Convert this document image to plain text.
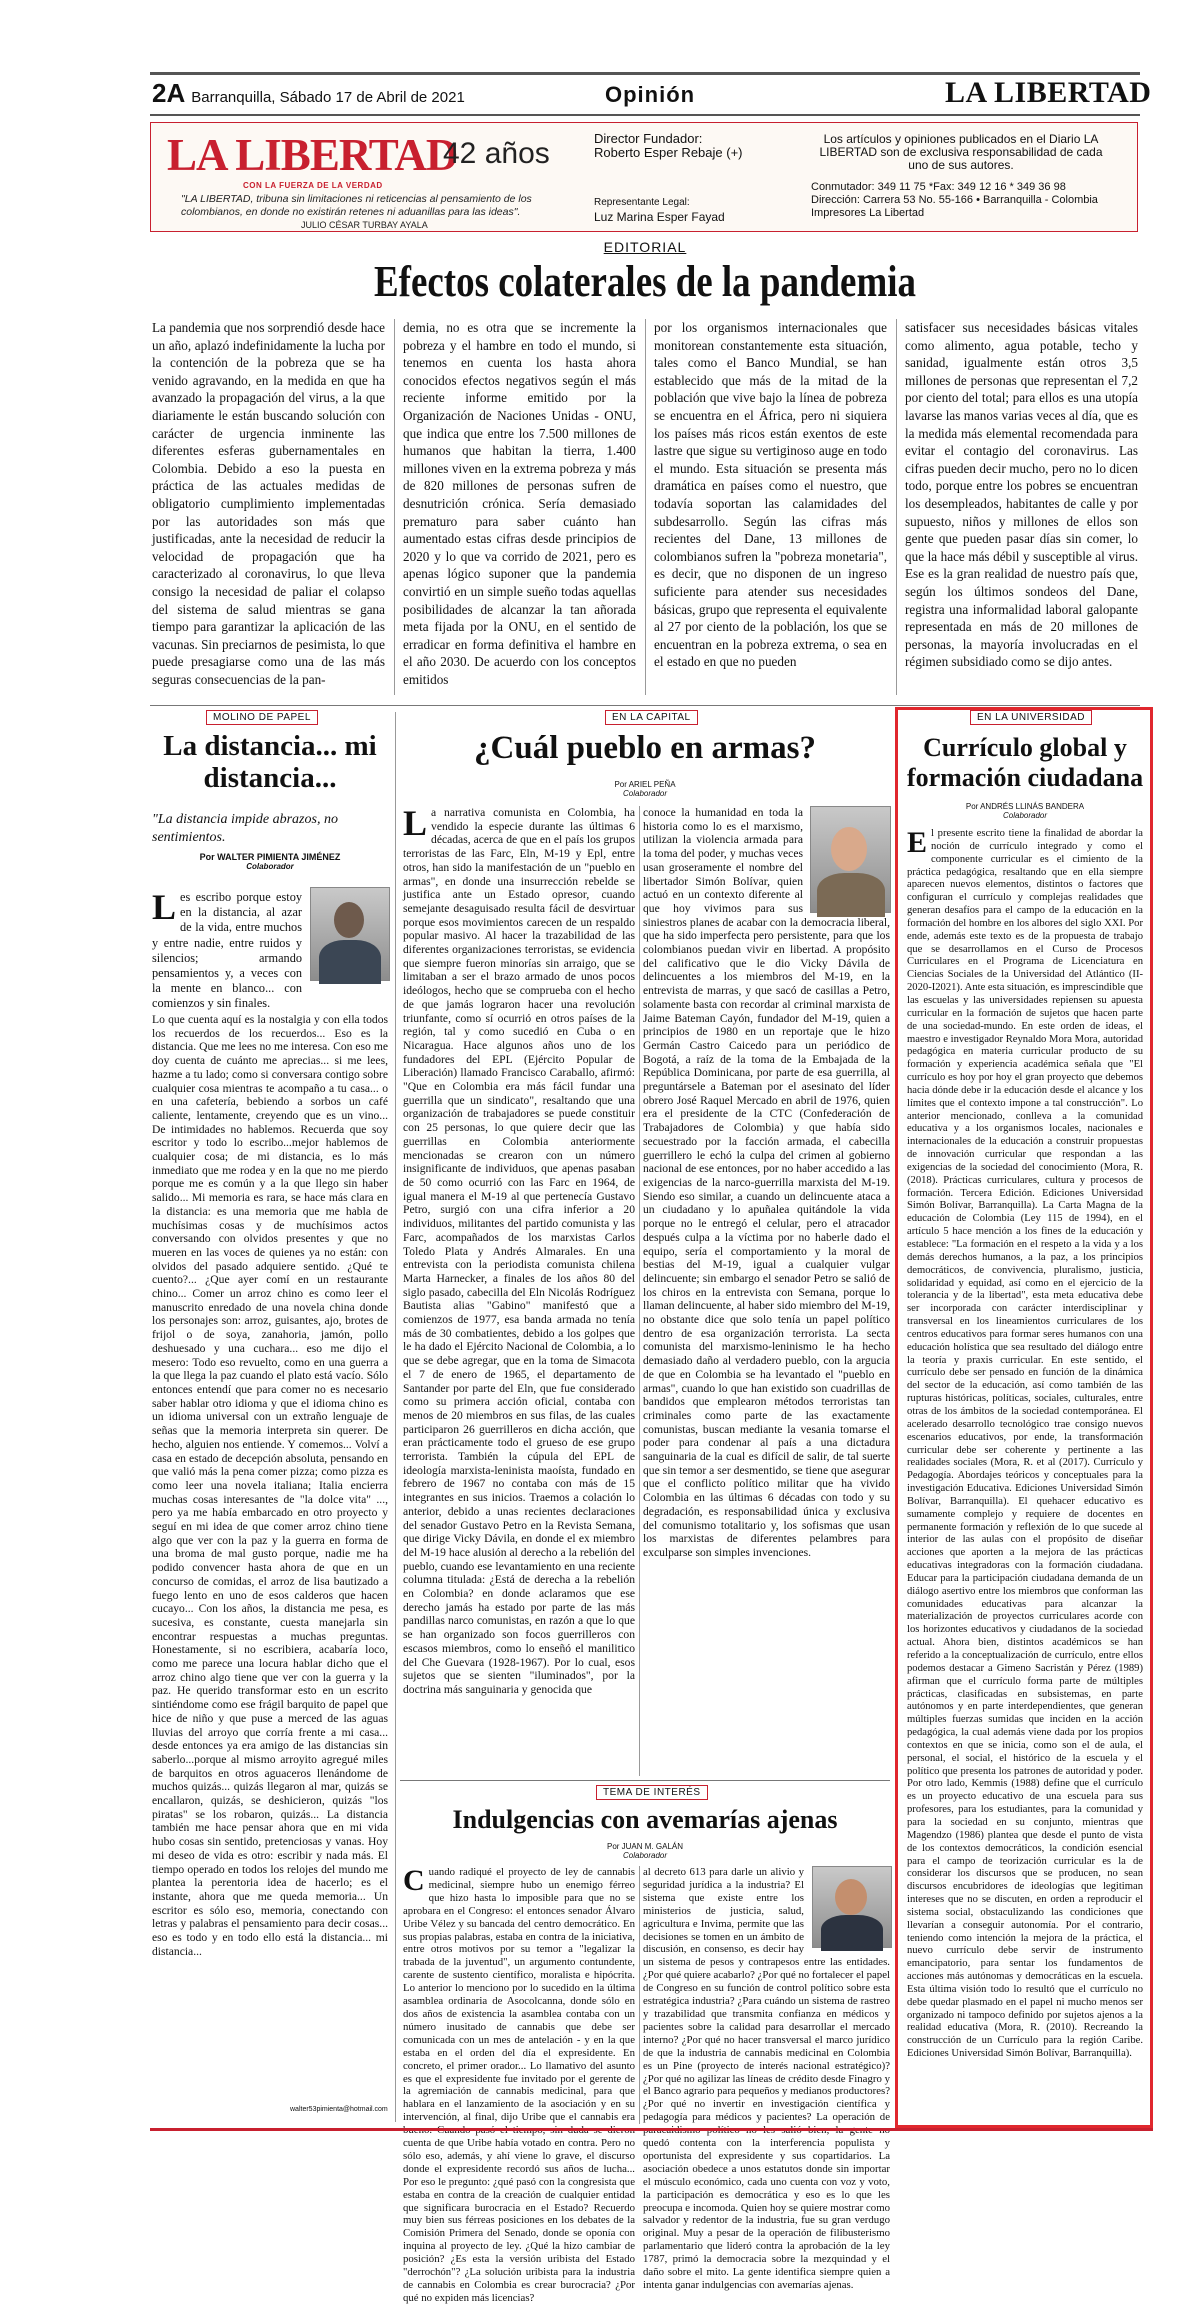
2A Barranquilla, Sábado 17 de Abril de 2021	Opinión	LA LIBERTAD
LA LIBERTAD
42 años
CON LA FUERZA DE LA VERDAD
"LA LIBERTAD, tribuna sin limitaciones ni reticencias al pensamiento de los colombianos, en donde no existirán retenes ni aduanillas para las ideas".
JULIO CÉSAR TURBAY AYALA
Director Fundador:
Roberto Esper Rebaje (+)
Representante Legal:
Luz Marina Esper Fayad
Los artículos y opiniones publicados en el Diario LA LIBERTAD son de exclusiva responsabilidad de cada uno de sus autores.
Conmutador: 349 11 75 *Fax: 349 12 16 * 349 36 98
Dirección: Carrera 53 No. 55-166 • Barranquilla - Colombia
Impresores La Libertad
EDITORIAL
Efectos colaterales de la pandemia

La pandemia que nos sorprendió desde hace un año, aplazó indefinidamente la lucha por la contención de la pobreza que se ha venido agravando, en la medida en que ha avanzado la propagación del virus, a la que diariamente le están buscando solución con carácter de urgencia inminente las diferentes esferas gubernamentales en Colombia. Debido a eso la puesta en práctica de las actuales medidas de obligatorio cumplimiento implementadas por las autoridades son más que justificadas, ante la necesidad de reducir la velocidad de propagación que ha caracterizado al coronavirus, lo que lleva consigo la necesidad de paliar el colapso del sistema de salud mientras se gana tiempo para garantizar la aplicación de las vacunas. Sin preciarnos de pesimista, lo que puede presagiarse como una de las más seguras consecuencias de la pan-

demia, no es otra que se incremente la pobreza y el hambre en todo el mundo, si tenemos en cuenta los hasta ahora conocidos efectos negativos según el más reciente informe emitido por la Organización de Naciones Unidas - ONU, que indica que entre los 7.500 millones de humanos que habitan la tierra, 1.400 millones viven en la extrema pobreza y más de 820 millones de personas sufren de desnutrición crónica. Sería demasiado prematuro para saber cuánto han aumentado estas cifras desde principios de 2020 y lo que va corrido de 2021, pero es apenas lógico suponer que la pandemia convirtió en un simple sueño todas aquellas posibilidades de alcanzar la tan añorada meta fijada por la ONU, en el sentido de erradicar en forma definitiva el hambre en el año 2030. De acuerdo con los conceptos emitidos

por los organismos internacionales que monitorean constantemente esta situación, tales como el Banco Mundial, se han establecido que más de la mitad de la población que vive bajo la línea de pobreza se encuentra en el África, pero ni siquiera los países más ricos están exentos de este lastre que sigue su vertiginoso auge en todo el mundo. Esta situación se presenta más dramática en países como el nuestro, que todavía soportan las calamidades del subdesarrollo. Según las cifras más recientes del Dane, 13 millones de colombianos sufren la "pobreza monetaria", es decir, que no disponen de un ingreso suficiente para atender sus necesidades básicas, grupo que representa el equivalente al 27 por ciento de la población, los que se encuentran en la pobreza extrema, o sea en el estado en que no pueden

satisfacer sus necesidades básicas vitales como alimento, agua potable, techo y sanidad, igualmente están otros 3,5 millones de personas que representan el 7,2 por ciento del total; para ellos es una utopía lavarse las manos varias veces al día, que es la medida más elemental recomendada para evitar el contagio del coronavirus. Las cifras pueden decir mucho, pero no lo dicen todo, porque entre los pobres se encuentran los desempleados, habitantes de calle y por supuesto, niños y millones de ellos son gente que pueden pasar días sin comer, lo que la hace más débil y susceptible al virus. Ese es la gran realidad de nuestro país que, según los últimos sondeos del Dane, registra una informalidad laboral galopante representada en más de 20 millones de personas, la mayoría involucradas en el régimen subsidiado como se dijo antes.

MOLINO DE PAPEL
La distancia... mi distancia...
"La distancia impide abrazos, no sentimientos.
Por WALTER PIMIENTA JIMÉNEZ
Colaborador
Les escribo porque estoy en la distancia, al azar de la vida, entre muchos y entre nadie, entre ruidos y silencios; armando pensamientos y, a veces con la mente en blanco... con comienzos y sin finales.

Lo que cuenta aquí es la nostalgia y con ella todos los recuerdos de los recuerdos... Eso es la distancia. Que me lees no me interesa. Con eso me doy cuenta de cuánto me aprecias... si me lees, hazme a tu lado; como si conversara contigo sobre cualquier cosa mientras te acompaño a tu casa... o en una cafetería, bebiendo a sorbos un café caliente, lentamente, creyendo que es un vino... De intimidades no hablemos. Recuerda que soy escritor y todo lo escribo...mejor hablemos de cualquier cosa; de mi distancia, es lo más inmediato que me rodea y en la que no me pierdo porque me es común y a la que llego sin haber salido... Mi memoria es rara, se hace más clara en la distancia: es una memoria que me habla de muchísimas cosas y de muchísimos actos conversando con olvidos presentes y que no mueren en las voces de quienes ya no están: con olvidos del pasado adquiere sentido. ¿Qué te cuento?... ¿Que ayer comí en un restaurante chino... Comer un arroz chino es como leer el manuscrito enredado de una novela china donde los personajes son: arroz, guisantes, ajo, brotes de frijol o de soya, zanahoria, jamón, pollo deshuesado y una cuchara... eso me dijo el mesero: Todo eso revuelto, como en una guerra a la que llega la paz cuando el plato está vacío. Sólo entonces entendí que para comer no es necesario saber hablar otro idioma y que el idioma chino es un idioma universal con un extraño lenguaje de señas que la memoria interpreta sin querer. De hecho, alguien nos entiende. Y comemos... Volví a casa en estado de decepción absoluta, pensando en que valió más la pena comer pizza; como pizza es como leer una novela italiana; Italia encierra muchas cosas interesantes de "la dolce vita" ..., pero ya me había embarcado en otro proyecto y seguí en mi idea de que comer arroz chino tiene algo que ver con la paz y la guerra en forma de una broma de mal gusto porque, nadie me ha podido convencer hasta ahora de que en un concurso de comidas, el arroz de lisa bautizado a fuego lento en uno de esos calderos que hacen cucayo... Con los años, la distancia me pesa, es sucesiva, es constante, cuesta manejarla sin encontrar respuestas a muchas preguntas. Honestamente, si no escribiera, acabaría loco, como me parece una locura hablar dicho que el arroz chino algo tiene que ver con la guerra y la paz. He querido transformar esto en un escrito sintiéndome como ese frágil barquito de papel que hice de niño y que puse a merced de las aguas lluvias del arroyo que corría frente a mi casa... desde entonces ya era amigo de las distancias sin saberlo...porque al mismo arroyito agregué miles de barquitos en otros aguaceros llenándome de muchos quizás... quizás llegaron al mar, quizás se encallaron, quizás, se deshicieron, quizás "los piratas" se los robaron, quizás... La distancia también me hace pensar ahora que en mi vida hubo cosas sin sentido, pretenciosas y vanas. Hoy mi deseo de vida es otro: escribir y nada más. El tiempo operado en todos los relojes del mundo me plantea la perentoria idea de hacerlo; es el instante, ahora que me queda memoria... Un escritor es sólo eso, memoria, conectando con letras y palabras el pensamiento para decir cosas... eso es todo y en todo ello está la distancia... mi distancia...

walter53pimienta@hotmail.com
EN LA CAPITAL
¿Cuál pueblo en armas?
Por ARIEL PEÑA
Colaborador
La narrativa comunista en Colombia, ha vendido la especie durante las últimas 6 décadas, acerca de que en el país los grupos terroristas de las Farc, Eln, M-19 y Epl, entre otros, han sido la manifestación de un "pueblo en armas", en donde una insurrección rebelde se justifica ante un Estado opresor, cuando semejante desaguisado resulta fácil de desvirtuar porque esos movimientos carecen de un respaldo popular masivo. Al hacer la trazabilidad de las diferentes organizaciones terroristas, se evidencia que siempre fueron minorías sin arraigo, que se limitaban a ser el brazo armado de unos pocos ideólogos, hecho que se comprueba con el hecho de que jamás lograron hacer una revolución triunfante, como sí ocurrió en otros países de la región, tal y como sucedió en Cuba o en Nicaragua. Hace algunos años uno de los fundadores del EPL (Ejército Popular de Liberación) llamado Francisco Caraballo, afirmó: "Que en Colombia era más fácil fundar una guerrilla que un sindicato", resaltando que una organización de trabajadores se puede constituir con 25 personas, lo que quiere decir que las guerrillas en Colombia anteriormente mencionadas se crearon con un número insignificante de individuos, que apenas pasaban de 50 como ocurrió con las Farc en 1964, de igual manera el M-19 al que pertenecía Gustavo Petro, surgió con una cifra inferior a 20 individuos, militantes del partido comunista y las Farc, acompañados de los marxistas Carlos Toledo Plata y Andrés Almarales. En una entrevista con la periodista comunista chilena Marta Harnecker, a finales de los años 80 del siglo pasado, cabecilla del Eln Nicolás Rodríguez Bautista alias "Gabino" manifestó que a comienzos de 1977, esa banda armada no tenía más de 30 combatientes, debido a los golpes que le ha dado el Ejército Nacional de Colombia, a lo que se debe agregar, que en la toma de Simacota el 7 de enero de 1965, el departamento de Santander por parte del Eln, que fue considerado como su primera acción oficial, contaba con menos de 20 miembros en sus filas, de las cuales participaron 26 guerrilleros en dicha acción, que eran prácticamente todo el grueso de ese grupo terrorista. También la cúpula del EPL de ideología marxista-leninista maoísta, fundado en febrero de 1967 no contaba con más de 15 integrantes en sus inicios. Traemos a colación lo anterior, debido a unas recientes declaraciones del senador Gustavo Petro en la Revista Semana, que dirige Vicky Dávila, en donde el ex miembro del M-19 hace alusión al derecho a la rebelión del pueblo, cuando ese levantamiento en una reciente columna titulada: ¿Está de derecha a la rebelión en Colombia? en donde aclaramos que ese derecho jamás ha estado por parte de las más pandillas narco comunistas, en razón a que lo que se han organizado son focos guerrilleros con escasos miembros, como lo enseñó el manilitico del Che Guevara (1928-1967). Por lo cual, esos sujetos que se sienten "iluminados", por la doctrina más sanguinaria y genocida que
conoce la humanidad en toda la historia como lo es el marxismo, utilizan la violencia armada para la toma del poder, y muchas veces usan groseramente el nombre del libertador Simón Bolívar, quien actuó en un contexto diferente al que hoy vivimos para sus siniestros planes de acabar con la democracia liberal, que ha sido imperfecta pero persistente, para que los colombianos puedan vivir en libertad. A propósito del calificativo que le dio Vicky Dávila de delincuentes a los miembros del M-19, en la entrevista de marras, y que sacó de casillas a Petro, solamente basta con recordar al criminal marxista de Jaime Bateman Cayón, fundador del M-19, quien a principios de 1980 en un reportaje que le hizo Germán Castro Caicedo para un periódico de Bogotá, a raíz de la toma de la Embajada de la República Dominicana, por parte de esa guerrilla, al preguntársele a Bateman por el asesinato del líder obrero José Raquel Mercado en abril de 1976, quien era el presidente de la CTC (Confederación de Trabajadores de Colombia) y que había sido secuestrado por la facción armada, el cabecilla guerrillero le echó la culpa del crimen al gobierno nacional de ese entonces, por no haber accedido a las exigencias de la narco-guerrilla marxista del M-19. Siendo eso similar, a cuando un delincuente ataca a un ciudadano y lo apuñalea quitándole la vida porque no le entregó el celular, pero el atracador después culpa a la víctima por no haberle dado el equipo, sería el comportamiento y la moral de bestias del M-19, igual a cualquier vulgar delincuente; sin embargo el senador Petro se salió de los chiros en la entrevista con Semana, porque lo llaman delincuente, al haber sido miembro del M-19, no obstante dice que solo tenía un papel político dentro de esa organización terrorista. La secta comunista del marxismo-leninismo le ha hecho demasiado daño al verdadero pueblo, con la argucia de que en Colombia se ha levantado el "pueblo en armas", cuando lo que han existido son cuadrillas de bandidos que emplearon métodos terroristas tan criminales como parte de las exactamente comunistas, buscan mediante la vesania tomarse el poder para condenar al país a una dictadura sanguinaria de la cual es difícil de salir, de tal suerte que sin temor a ser desmentido, se tiene que asegurar que el conflicto político militar que ha vivido Colombia en las últimas 6 décadas con todo y su degradación, es responsabilidad única y exclusiva del comunismo totalitario y, los sofismas que usan los marxistas de diferentes pelambres para exculparse son simples invenciones.
TEMA DE INTERÉS
Indulgencias con avemarías ajenas
Por JUAN M. GALÁN
Colaborador
Cuando radiqué el proyecto de ley de cannabis medicinal, siempre hubo un enemigo férreo que hizo hasta lo imposible para que no se aprobara en el Congreso: el entonces senador Álvaro Uribe Vélez y su bancada del centro democrático. En sus propias palabras, estaba en contra de la iniciativa, entre otros motivos por su temor a "legalizar la trabada de la juventud", un argumento contundente, carente de sustento científico, moralista e hipócrita. Lo anterior lo menciono por lo sucedido en la última asamblea ordinaria de Asocolcanna, donde sólo en dos años de existencia la asamblea contaba con un número inusitado de cannabis que debe ser comunicada con un mes de antelación - y en la que estaba en el orden del día el expresidente. En concreto, el primer orador... Lo llamativo del asunto es que el expresidente fue invitado por el gerente de la agremiación de cannabis medicinal, para que hablara en el lanzamiento de la asociación y en su intervención, al final, dijo Uribe que el cannabis era cuenta de que Uribe había votado en contra. Pero no sólo eso, además, y ahí viene lo grave, el discurso donde el expresidente recordó sus años de lucha... Por eso le pregunto: ¿qué pasó con la congresista que estaba en contra de la creación de cualquier entidad que significara burocracia en el Estado? Recuerdo muy bien sus férreas posiciones en los debates de la Comisión Primera del Senado, donde se oponía con inquina al proyecto de ley. ¿Qué la hizo cambiar de posición? ¿Es esta la versión uribista del Estado "derrochón"? ¿La solución uribista para la industria de cannabis en Colombia es crear burocracia? ¿Por qué no expiden más licencias?
al decreto 613 para darle un alivio y seguridad jurídica a la industria? El sistema que existe entre los ministerios de justicia, salud, agricultura e Invima, permite que las decisiones se tomen en un ámbito de discusión, en consenso, es decir hay un sistema de pesos y contrapesos entre las entidades. ¿Por qué quiere acabarlo? ¿Por qué no fortalecer el papel de Congreso en su función de control político sobre esta estratégica industria? ¿Para cuándo un sistema de rastreo y trazabilidad que transmita confianza en médicos y pacientes sobre la calidad para desarrollar el mercado interno? ¿Por qué no hacer transversal el marco jurídico de que la industria de cannabis medicinal en Colombia es un Pine (proyecto de interés nacional estratégico)? ¿Por qué no agilizar las líneas de crédito desde Finagro y el Banco agrario para pequeños y medianos productores? ¿Por qué no invertir en investigación científica y pedagogía para médicos y pacientes? La operación de quedó contenta con la interferencia populista y oportunista del expresidente y sus copartidarios. La asociación obedece a unos estatutos donde sin importar el músculo económico, cada uno cuenta con voz y voto, la participación es democrática y eso es lo que les preocupa e incomoda. Quien hoy se quiere mostrar como salvador y redentor de la industria, fue su gran verdugo original. Muy a pesar de la operación de filibusterismo parlamentario que lideró contra la aprobación de la ley 1787, primó la democracia sobre la mezquindad y el daño sobre el mito. La gente identifica siempre quien a intenta ganar indulgencias con avemarías ajenas.
EN LA UNIVERSIDAD
Currículo global y formación ciudadana
Por ANDRÉS LLINÁS BANDERA
Colaborador
El presente escrito tiene la finalidad de abordar la noción de currículo integrado y como el componente curricular es el cimiento de la práctica pedagógica, resaltando que en ella siempre aparecen nuevos elementos, distintos o factores que configuran el currículo y complejas realidades que generan desafíos para el campo de la educación en la formación del hombre en los albores del siglo XXI. Por ende, además este texto es de la propuesta de trabajo que se desarrollamos en el Curso de Procesos Curriculares en el Programa de Licenciatura en Ciencias Sociales de la Universidad del Atlántico (II-2020-I2021). Ante esta situación, es imprescindible que las escuelas y las universidades repiensen su apuesta curricular en la formación de sujetos que hacen parte de una sociedad-mundo. En este orden de ideas, el maestro e investigador Reynaldo Mora Mora, autoridad pedagógica en materia curricular producto de su formación y experiencia académica señala que "El currículo es hoy por hoy el gran proyecto que debemos hacia dónde debe ir la educación desde el alcance y los límites que el contexto impone a tal construcción". Lo anterior mencionado, conlleva a la comunidad educativa y a los organismos locales, nacionales e internacionales de la educación a construir propuestas de innovación curricular que respondan a las exigencias de la sociedad del conocimiento (Mora, R. (2018). Prácticas curriculares, cultura y procesos de formación. Tercera Edición. Ediciones Universidad Simón Bolívar, Barranquilla). La Carta Magna de la educación de Colombia (Ley 115 de 1994), en el artículo 5 hace mención a los fines de la educación y establece: "La formación en el respeto a la vida y a los demás derechos humanos, a la paz, a los principios democráticos, de convivencia, pluralismo, justicia, solidaridad y equidad, así como en el ejercicio de la tolerancia y de la libertad", esta meta educativa debe ser incorporada con carácter interdisciplinar y transversal en los lineamientos curriculares de los centros educativos para formar seres humanos con una educación holística que sea resultado del diálogo entre la teoría y praxis curricular. En este sentido, el currículo debe ser pensado en función de la dinámica del sector de la educación, así como también de las rupturas históricas, políticas, sociales, culturales, entre otras de los ámbitos de la sociedad contemporánea. El acelerado desarrollo tecnológico trae consigo nuevos escenarios educativos, por ende, la transformación curricular debe ser coherente y pertinente a las realidades sociales (Mora, R. et al (2017). Currículo y Pedagogía. Abordajes teóricos y conceptuales para la investigación Educativa. Ediciones Universidad Simón Bolívar, Barranquilla). El quehacer educativo es sumamente complejo y requiere de docentes en permanente formación y reflexión de lo que sucede al interior de las aulas con el propósito de diseñar acciones que aporten a la mejora de las prácticas educativas integradoras con la formación ciudadana. Educar para la participación ciudadana demanda de un diálogo asertivo entre los miembros que conforman las comunidades educativas para alcanzar la materialización de proyectos curriculares acorde con los horizontes educativos y ciudadanos de la sociedad actual. Ahora bien, distintos académicos se han referido a la conceptualización de currículo, entre ellos podemos destacar a Gimeno Sacristán y Pérez (1989) afirman que el currículo forma parte de múltiples prácticas, clasificadas en subsistemas, en parte autónomos y en parte interdependientes, que generan múltiples fuerzas sumidas que inciden en la acción pedagógica, la cual además viene dada por los propios contextos en que se inicia, como son el de aula, el personal, el social, el histórico de la escuela y el político que presenta los patrones de autoridad y poder. Por otro lado, Kemmis (1988) define que el currículo es un proyecto educativo de una escuela para sus profesores, para los estudiantes, para la comunidad y para la sociedad en su conjunto, mientras que Magendzo (1986) plantea que desde el punto de vista de los contextos democráticos, la condición esencial para el campo de teorización curricular es la de considerar los discursos que se producen, no sean discursos encubridores de ideologías que legitiman intereses que no se discuten, en orden a reproducir el sistema social, obstaculizando las condiciones que llevarían a conseguir autonomía. Por el contrario, teniendo como intención la mejora de la práctica, el nuevo currículo debe servir de instrumento emancipatorio, para sentar los fundamentos de acciones más autónomas y democráticas en la escuela. Esta última visión todo lo resultó que el currículo no debe quedar plasmado en el papel ni mucho menos ser organizado ni tampoco definido por sujetos ajenos a la realidad educativa (Mora, R. (2010). Recreando la construcción de un Currículo para la región Caribe. Ediciones Universidad Simón Bolívar, Barranquilla).
